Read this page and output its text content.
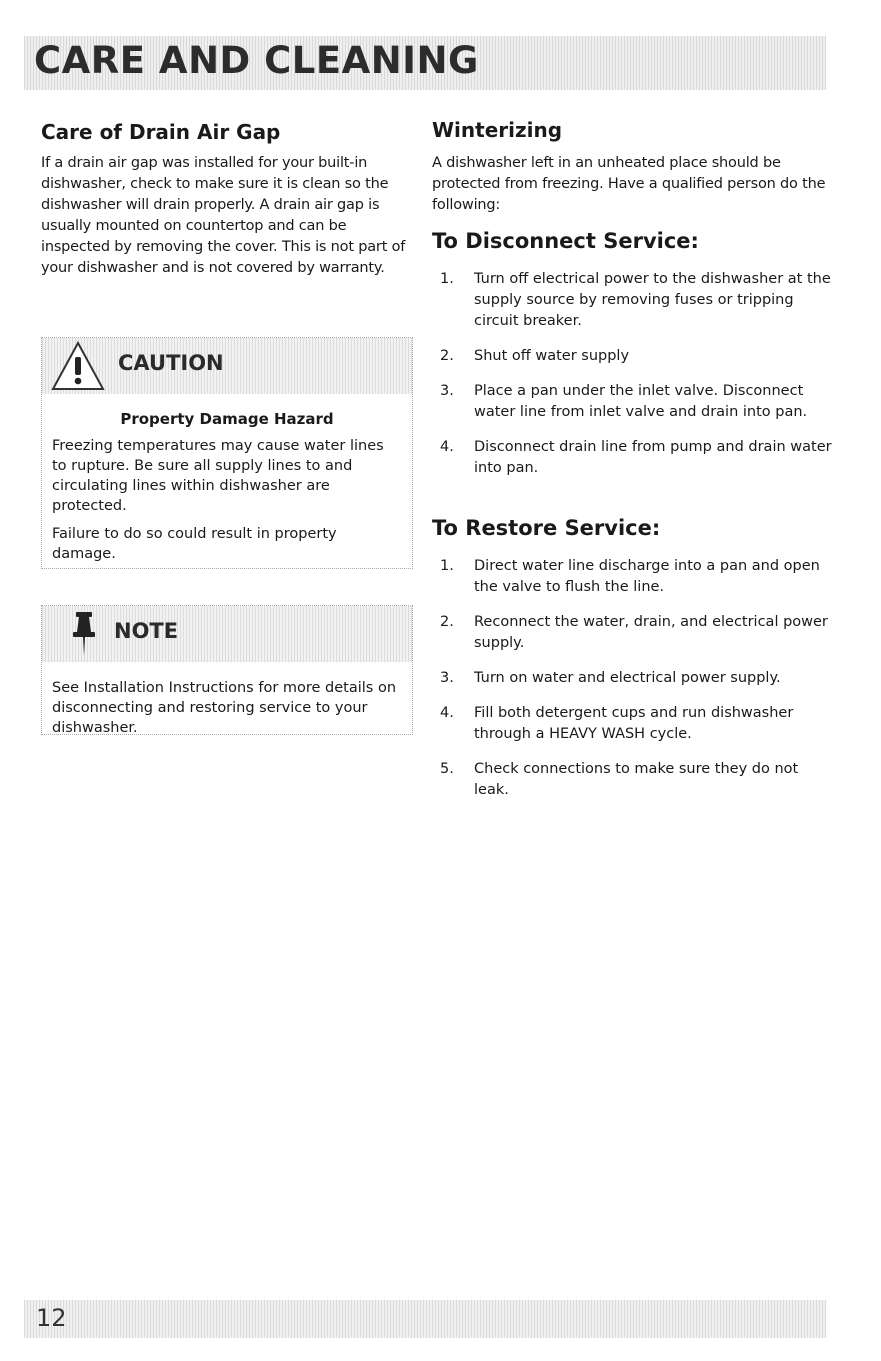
CARE AND CLEANING
Care of Drain Air Gap

If a drain air gap was installed for your built-in dishwasher, check to make sure it is clean so the dishwasher will drain properly. A drain air gap is usually mounted on countertop and can be inspected by removing the cover. This is not part of your dishwasher and is not covered by warranty.

CAUTION
Property Damage Hazard

Freezing temperatures may cause water lines to rupture. Be sure all supply lines to and circulating lines within dishwasher are protected.

Failure to do so could result in property damage.

NOTE

See Installation Instructions for more details on disconnecting and restoring service to your dishwasher.

Winterizing

A dishwasher left in an unheated place should be protected from freezing. Have a qualified person do the following:

To Disconnect Service:
1. Turn off electrical power to the dishwasher at the supply source by removing fuses or tripping circuit breaker.
2. Shut off water supply
3. Place a pan under the inlet valve. Disconnect water line from inlet valve and drain into pan.
4. Disconnect drain line from pump and drain water into pan.
To Restore Service:
1. Direct water line discharge into a pan and open the valve to flush the line.
2. Reconnect the water, drain, and electrical power supply.
3. Turn on water and electrical power supply.
4. Fill both detergent cups and run dishwasher through a HEAVY WASH cycle.
5. Check connections to make sure they do not leak.
12
